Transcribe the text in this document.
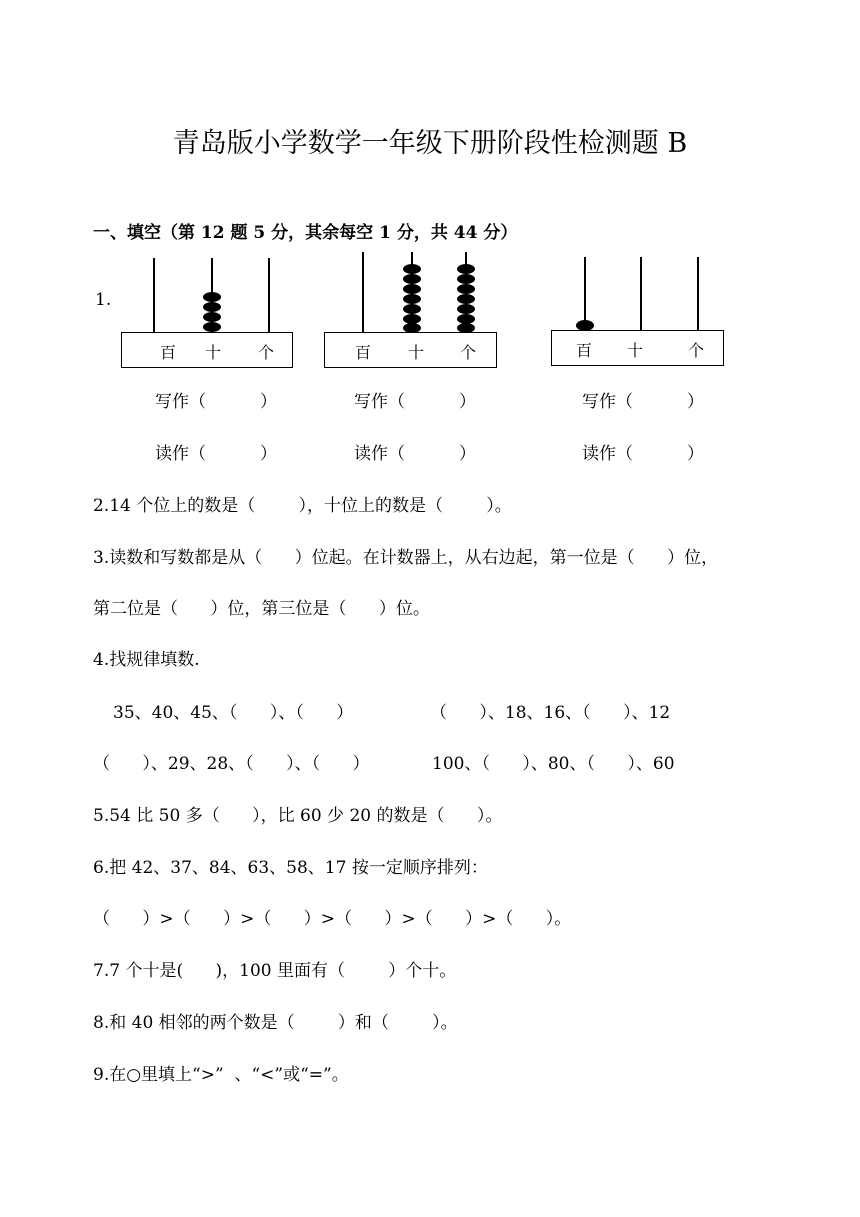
青岛版小学数学一年级下册阶段性检测题 B
一、填空（第 12 题 5 分，其余每空 1 分，共 44 分）
1.
百 十 个	百 十 个	百 十	个
写作（          ）	写作（          ）	写作（          ）
读作（          ）	读作（          ）	读作（          ）
2.14 个位上的数是（        ），十位上的数是（        ）。
3.读数和写数都是从（      ）位起。在计数器上，从右边起，第一位是（      ）位，
第二位是（      ）位，第三位是（      ）位。
4.找规律填数.
35、40、45、（      ）、（      ）	（      ）、18、16、（      ）、12
（      ）、29、28、（      ）、（      ）	100、（      ）、80、（      ）、60
5.54 比 50 多（      ），比 60 少 20 的数是（      ）。
6.把 42、37、84、63、58、17 按一定顺序排列：
（      ）>（      ）>（      ）>（      ）>（      ）>（      ）。
7.7 个十是(      )，100 里面有（        ）个十。
8.和 40 相邻的两个数是（        ）和（        ）。
9.在○里填上“>”  、“<”或“=”。
